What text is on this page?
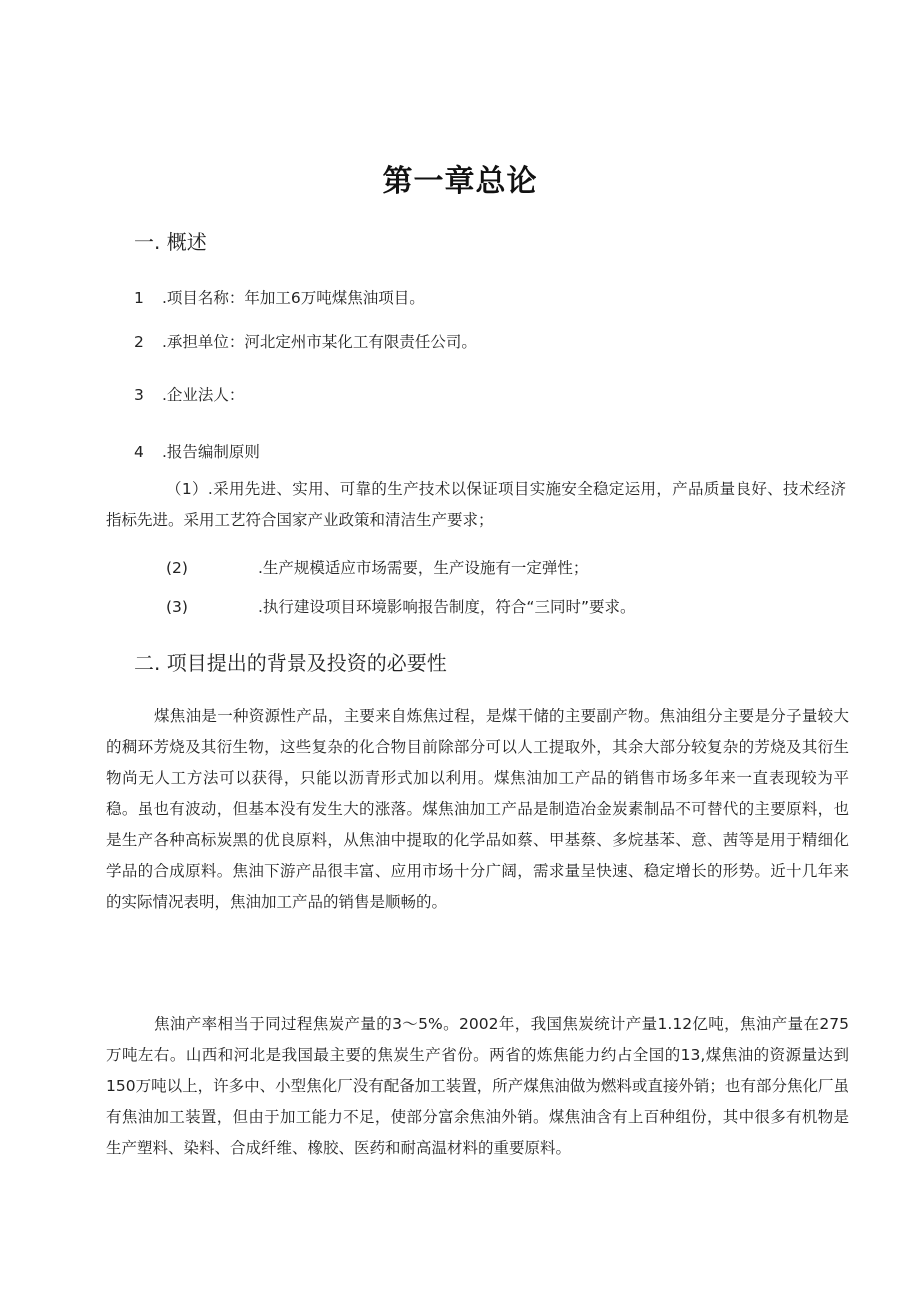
第一章总论
一. 概述
1 .项目名称：年加工6万吨煤焦油项目。
2 .承担单位：河北定州市某化工有限责任公司。
3 .企业法人：
4 .报告编制原则

（1）.采用先进、实用、可靠的生产技术以保证项目实施安全稳定运用，产品质量良好、技术经济指标先进。采用工艺符合国家产业政策和清洁生产要求；

(2)	.生产规模适应市场需要，生产设施有一定弹性；
(3)	.执行建设项目环境影响报告制度，符合“三同时”要求。
二. 项目提出的背景及投资的必要性

煤焦油是一种资源性产品，主要来自炼焦过程，是煤干储的主要副产物。焦油组分主要是分子量较大的稠环芳烧及其衍生物，这些复杂的化合物目前除部分可以人工提取外，其余大部分较复杂的芳烧及其衍生物尚无人工方法可以获得，只能以沥青形式加以利用。煤焦油加工产品的销售市场多年来一直表现较为平稳。虽也有波动，但基本没有发生大的涨落。煤焦油加工产品是制造冶金炭素制品不可替代的主要原料，也是生产各种高标炭黑的优良原料，从焦油中提取的化学品如蔡、甲基蔡、多烷基苯、意、茜等是用于精细化学品的合成原料。焦油下游产品很丰富、应用市场十分广阔，需求量呈快速、稳定增长的形势。近十几年来的实际情况表明，焦油加工产品的销售是顺畅的。

焦油产率相当于同过程焦炭产量的3〜5%。2002年，我国焦炭统计产量1.12亿吨，焦油产量在275万吨左右。山西和河北是我国最主要的焦炭生产省份。两省的炼焦能力约占全国的13,煤焦油的资源量达到150万吨以上，许多中、小型焦化厂没有配备加工装置，所产煤焦油做为燃料或直接外销；也有部分焦化厂虽有焦油加工装置，但由于加工能力不足，使部分富余焦油外销。煤焦油含有上百种组份，其中很多有机物是生产塑料、染料、合成纤维、橡胶、医药和耐高温材料的重要原料。
